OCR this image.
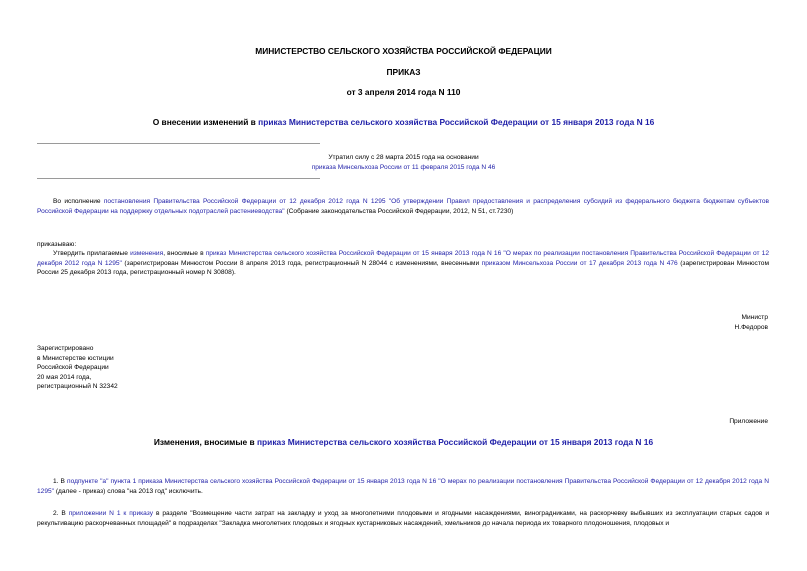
МИНИСТЕРСТВО СЕЛЬСКОГО ХОЗЯЙСТВА РОССИЙСКОЙ ФЕДЕРАЦИИ
ПРИКАЗ
от 3 апреля 2014 года N 110
О внесении изменений в приказ Министерства сельского хозяйства Российской Федерации от 15 января 2013 года N 16
Утратил силу с 28 марта 2015 года на основании
приказа Минсельхоза России от 11 февраля 2015 года N 46
Во исполнение постановления Правительства Российской Федерации от 12 декабря 2012 года N 1295 "Об утверждении Правил предоставления и распределения субсидий из федерального бюджета бюджетам субъектов Российской Федерации на поддержку отдельных подотраслей растениеводства" (Собрание законодательства Российской Федерации, 2012, N 51, ст.7230)
приказываю:
Утвердить прилагаемые изменения, вносимые в приказ Министерства сельского хозяйства Российской Федерации от 15 января 2013 года N 16 "О мерах по реализации постановления Правительства Российской Федерации от 12 декабря 2012 года N 1295" (зарегистрирован Минюстом России 8 апреля 2013 года, регистрационный N 28044 с изменениями, внесенными приказом Минсельхоза России от 17 декабря 2013 года N 476 (зарегистрирован Минюстом России 25 декабря 2013 года, регистрационный номер N 30808).
Министр
Н.Федоров
Зарегистрировано
в Министерстве юстиции
Российской Федерации
20 мая 2014 года,
регистрационный N 32342
Приложение
Изменения, вносимые в приказ Министерства сельского хозяйства Российской Федерации от 15 января 2013 года N 16
1. В подпункте "а" пункта 1 приказа Министерства сельского хозяйства Российской Федерации от 15 января 2013 года N 16 "О мерах по реализации постановления Правительства Российской Федерации от 12 декабря 2012 года N 1295" (далее - приказ) слова "на 2013 год" исключить.
2. В приложении N 1 к приказу в разделе "Возмещение части затрат на закладку и уход за многолетними плодовыми и ягодными насаждениями, виноградниками, на раскорчевку выбывших из эксплуатации старых садов и рекультивацию раскорчеванных площадей" в подразделах "Закладка многолетних плодовых и ягодных кустарниковых насаждений, хмельников до начала периода их товарного плодоношения, плодовых и
